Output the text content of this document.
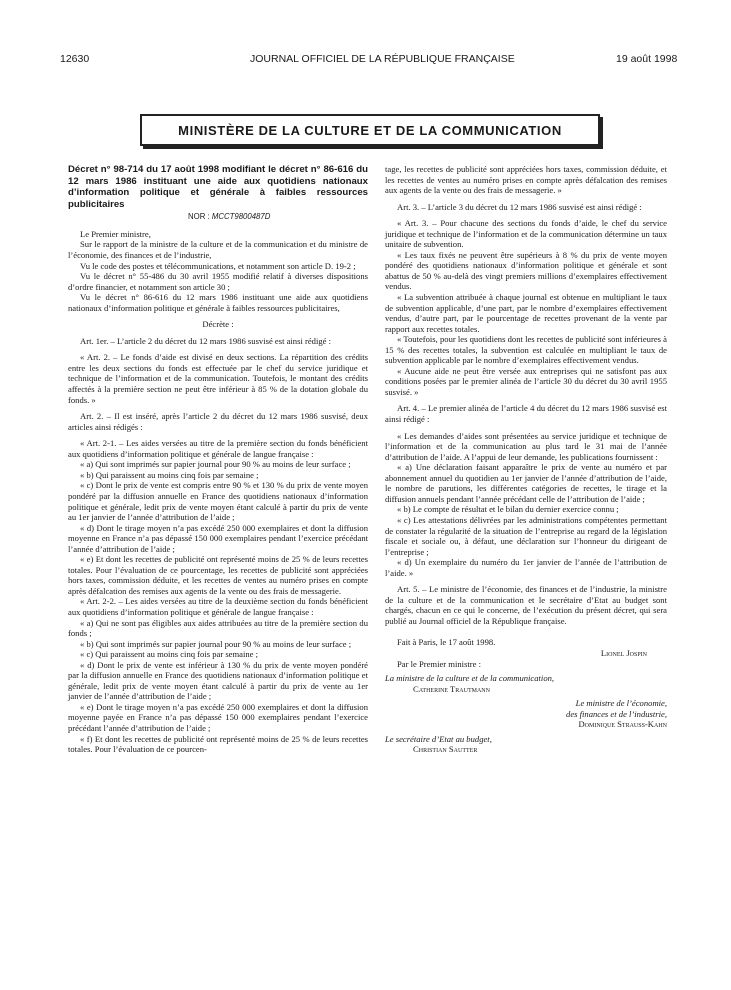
12630	JOURNAL OFFICIEL DE LA RÉPUBLIQUE FRANÇAISE	19 août 1998
MINISTÈRE DE LA CULTURE ET DE LA COMMUNICATION

Décret n° 98-714 du 17 août 1998 modifiant le décret n° 86-616 du 12 mars 1986 instituant une aide aux quotidiens nationaux d’information politique et générale à faibles ressources publicitaires

NOR : MCCT9800487D

Le Premier ministre,

Sur le rapport de la ministre de la culture et de la communication et du ministre de l’économie, des finances et de l’industrie,

Vu le code des postes et télécommunications, et notamment son article D. 19-2 ;

Vu le décret n° 55-486 du 30 avril 1955 modifié relatif à diverses dispositions d’ordre financier, et notamment son article 30 ;

Vu le décret n° 86-616 du 12 mars 1986 instituant une aide aux quotidiens nationaux d’information politique et générale à faibles ressources publicitaires,

Décrète :

Art. 1er. – L’article 2 du décret du 12 mars 1986 susvisé est ainsi rédigé :

« Art. 2. – Le fonds d’aide est divisé en deux sections. La répartition des crédits entre les deux sections du fonds est effectuée par le chef du service juridique et technique de l’information et de la communication. Toutefois, le montant des crédits affectés à la première section ne peut être inférieur à 85 % de la dotation globale du fonds. »

Art. 2. – Il est inséré, après l’article 2 du décret du 12 mars 1986 susvisé, deux articles ainsi rédigés :

« Art. 2-1. – Les aides versées au titre de la première section du fonds bénéficient aux quotidiens d’information politique et générale de langue française :

« a) Qui sont imprimés sur papier journal pour 90 % au moins de leur surface ;

« b) Qui paraissent au moins cinq fois par semaine ;

« c) Dont le prix de vente est compris entre 90 % et 130 % du prix de vente moyen pondéré par la diffusion annuelle en France des quotidiens nationaux d’information politique et générale, ledit prix de vente moyen étant calculé à partir du prix de vente au 1er janvier de l’année d’attribution de l’aide ;

« d) Dont le tirage moyen n’a pas excédé 250 000 exemplaires et dont la diffusion moyenne en France n’a pas dépassé 150 000 exemplaires pendant l’exercice précédant l’année d’attribution de l’aide ;

« e) Et dont les recettes de publicité ont représenté moins de 25 % de leurs recettes totales. Pour l’évaluation de ce pourcentage, les recettes de publicité sont appréciées hors taxes, commission déduite, et les recettes de ventes au numéro prises en compte après défalcation des remises aux agents de la vente ou des frais de messagerie.

« Art. 2-2. – Les aides versées au titre de la deuxième section du fonds bénéficient aux quotidiens d’information politique et générale de langue française :

« a) Qui ne sont pas éligibles aux aides attribuées au titre de la première section du fonds ;

« b) Qui sont imprimés sur papier journal pour 90 % au moins de leur surface ;

« c) Qui paraissent au moins cinq fois par semaine ;

« d) Dont le prix de vente est inférieur à 130 % du prix de vente moyen pondéré par la diffusion annuelle en France des quotidiens nationaux d’information politique et générale, ledit prix de vente moyen étant calculé à partir du prix de vente au 1er janvier de l’année d’attribution de l’aide ;

« e) Dont le tirage moyen n’a pas excédé 250 000 exemplaires et dont la diffusion moyenne payée en France n’a pas dépassé 150 000 exemplaires pendant l’exercice précédant l’année d’attribution de l’aide ;

« f) Et dont les recettes de publicité ont représenté moins de 25 % de leurs recettes totales. Pour l’évaluation de ce pourcen-

tage, les recettes de publicité sont appréciées hors taxes, commission déduite, et les recettes de ventes au numéro prises en compte après défalcation des remises aux agents de la vente ou des frais de messagerie. »

Art. 3. – L’article 3 du décret du 12 mars 1986 susvisé est ainsi rédigé :

« Art. 3. – Pour chacune des sections du fonds d’aide, le chef du service juridique et technique de l’information et de la communication détermine un taux unitaire de subvention.

« Les taux fixés ne peuvent être supérieurs à 8 % du prix de vente moyen pondéré des quotidiens nationaux d’information politique et générale et sont abattus de 50 % au-delà des vingt premiers millions d’exemplaires effectivement vendus.

« La subvention attribuée à chaque journal est obtenue en multipliant le taux de subvention applicable, d’une part, par le nombre d’exemplaires effectivement vendus, d’autre part, par le pourcentage de recettes provenant de la vente par rapport aux recettes totales.

« Toutefois, pour les quotidiens dont les recettes de publicité sont inférieures à 15 % des recettes totales, la subvention est calculée en multipliant le taux de subvention applicable par le nombre d’exemplaires effectivement vendus.

« Aucune aide ne peut être versée aux entreprises qui ne satisfont pas aux conditions posées par le premier alinéa de l’article 30 du décret du 30 avril 1955 susvisé. »

Art. 4. – Le premier alinéa de l’article 4 du décret du 12 mars 1986 susvisé est ainsi rédigé :

« Les demandes d’aides sont présentées au service juridique et technique de l’information et de la communication au plus tard le 31 mai de l’année d’attribution de l’aide. A l’appui de leur demande, les publications fournissent :

« a) Une déclaration faisant apparaître le prix de vente au numéro et par abonnement annuel du quotidien au 1er janvier de l’année d’attribution de l’aide, le nombre de parutions, les différentes catégories de recettes, le tirage et la diffusion annuels pendant l’année précédant celle de l’attribution de l’aide ;

« b) Le compte de résultat et le bilan du dernier exercice connu ;

« c) Les attestations délivrées par les administrations compétentes permettant de constater la régularité de la situation de l’entreprise au regard de la législation fiscale et sociale ou, à défaut, une déclaration sur l’honneur du dirigeant de l’entreprise ;

« d) Un exemplaire du numéro du 1er janvier de l’année de l’attribution de l’aide. »

Art. 5. – Le ministre de l’économie, des finances et de l’industrie, la ministre de la culture et de la communication et le secrétaire d’Etat au budget sont chargés, chacun en ce qui le concerne, de l’exécution du présent décret, qui sera publié au Journal officiel de la République française.

Fait à Paris, le 17 août 1998.

Lionel Jospin

Par le Premier ministre :

La ministre de la culture et de la communication,

Catherine Trautmann

Le ministre de l’économie,

des finances et de l’industrie,

Dominique Strauss-Kahn

Le secrétaire d’Etat au budget,

Christian Sautter
